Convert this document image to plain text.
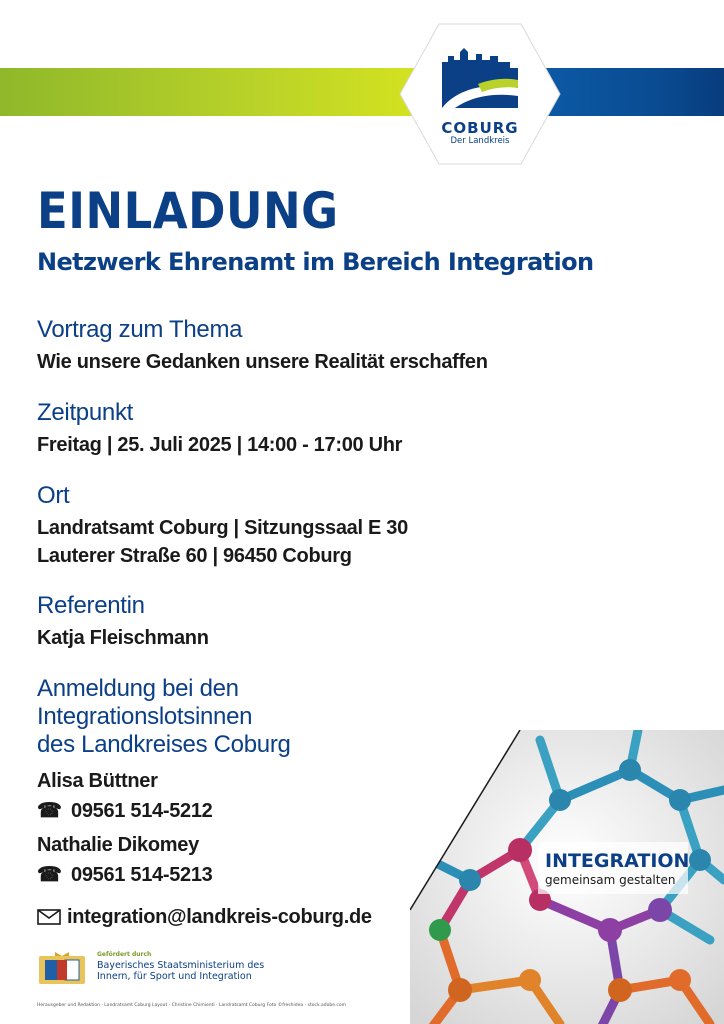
COBURG
Der Landkreis
EINLADUNG
Netzwerk Ehrenamt im Bereich Integration
Vortrag zum Thema
Wie unsere Gedanken unsere Realität erschaffen
Zeitpunkt
Freitag | 25. Juli 2025 | 14:00 - 17:00 Uhr
Ort
Landratsamt Coburg | Sitzungssaal E 30
Lauterer Straße 60 | 96450 Coburg
Referentin
Katja Fleischmann
Anmeldung bei den Integrationslotsinnen
des Landkreises Coburg
Alisa Büttner
☎ 09561 514-5212
Nathalie Dikomey
☎ 09561 514-5213
integration@landkreis-coburg.de
INTEGRATION
gemeinsam gestalten
Gefördert durch
Bayerisches Staatsministerium des
Innern, für Sport und Integration
Herausgeber und Redaktion · Landratsamt Coburg Layout · Christine Chimienti · Landratsamt Coburg Foto ©freshidea - stock.adobe.com
